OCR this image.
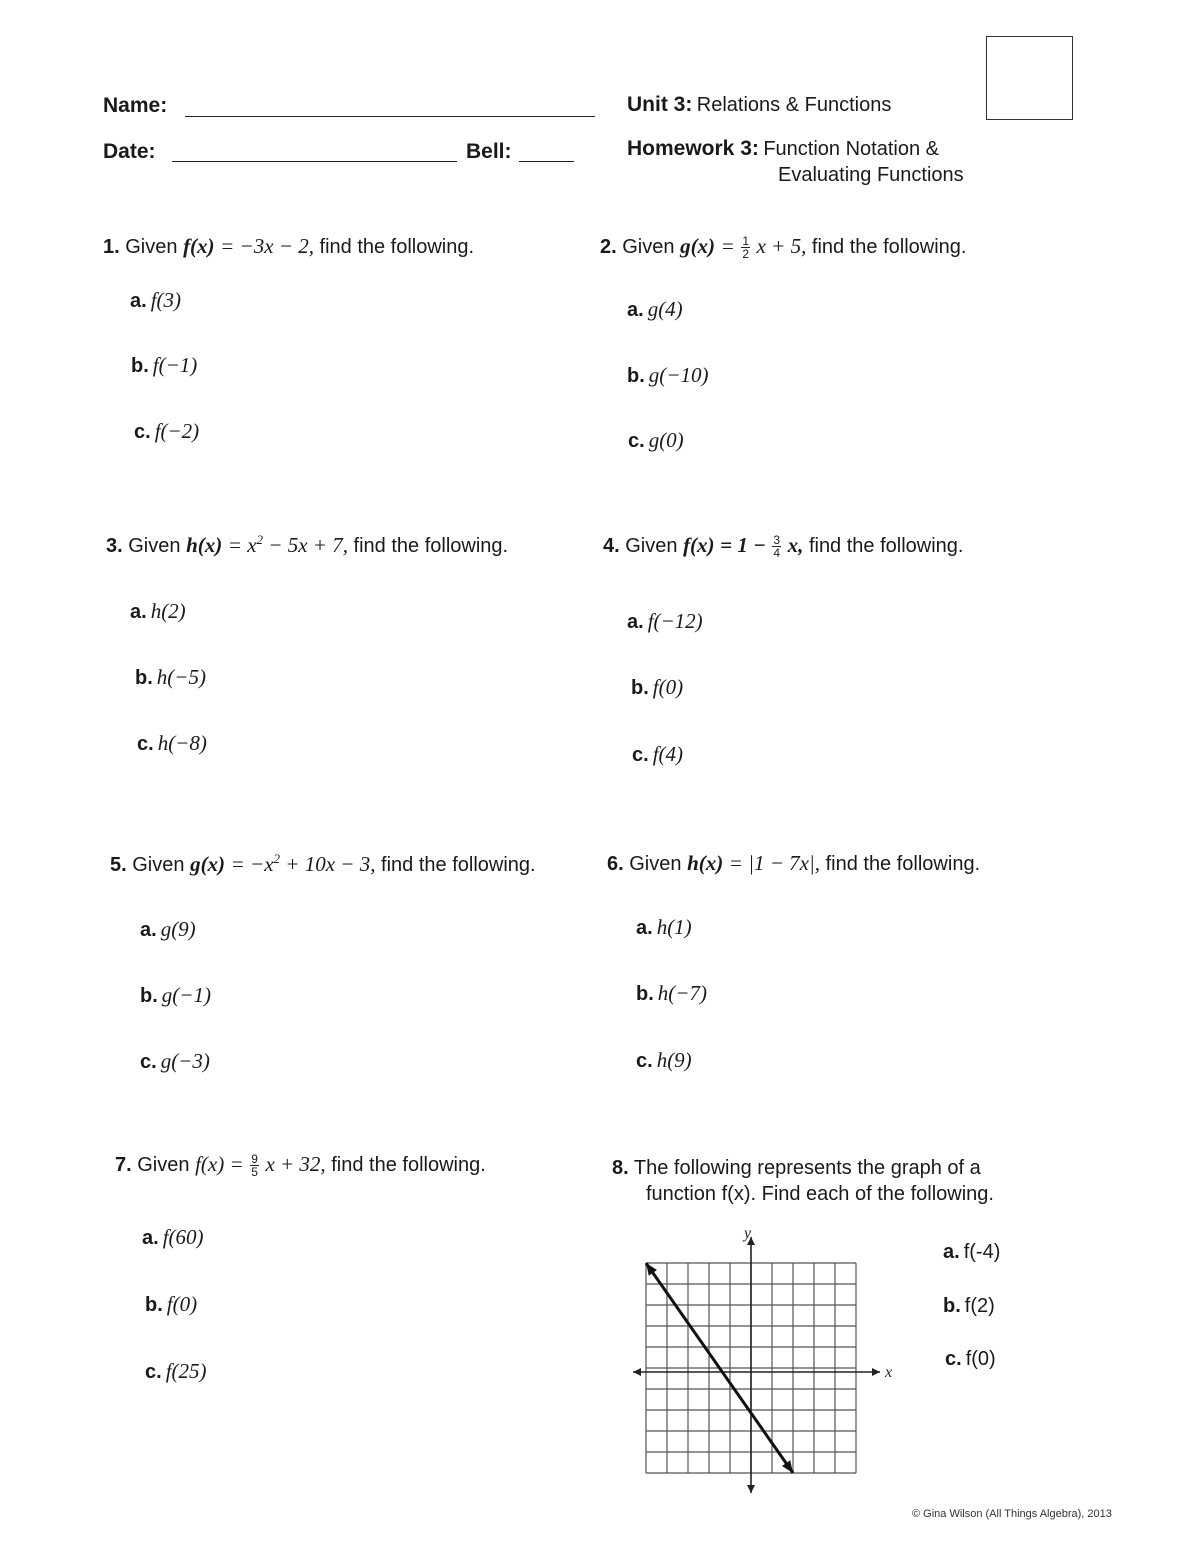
Name:
Date:	Bell:
Unit 3: Relations & Functions
Homework 3: Function Notation &
Evaluating Functions
1. Given f(x) = −3x − 2, find the following.
a. f(3)
b. f(−1)
c. f(−2)
2. Given $g(x) = \frac{1}{2}$ x + 5, find the following.
a. g(4)
b. g(−10)
c. g(0)
3. Given $h(x) = x^2 - 5x + 7$, find the following.
a. h(2)
b. h(−5)
c. h(−8)
4. Given $f(x) = 1 - \frac{3}{4} x$, find the following.
a. f(−12)
b. f(0)
c. f(4)
5. Given $g(x) = -x^2 + 10x - 3$, find the following.
a. g(9)
b. g(−1)
c. g(−3)
6. Given h(x) = |1 − 7x|, find the following.
a. h(1)
b. h(−7)
c. h(9)
7. Given $f(x) = \frac{9}{5}$ x + 32, find the following.
a. f(60)
b. f(0)
c. f(25)
8. The following represents the graph of a
function f(x). Find each of the following.
a. f(-4)
b. f(2)
c. f(0)
x
y
© Gina Wilson (All Things Algebra), 2013
